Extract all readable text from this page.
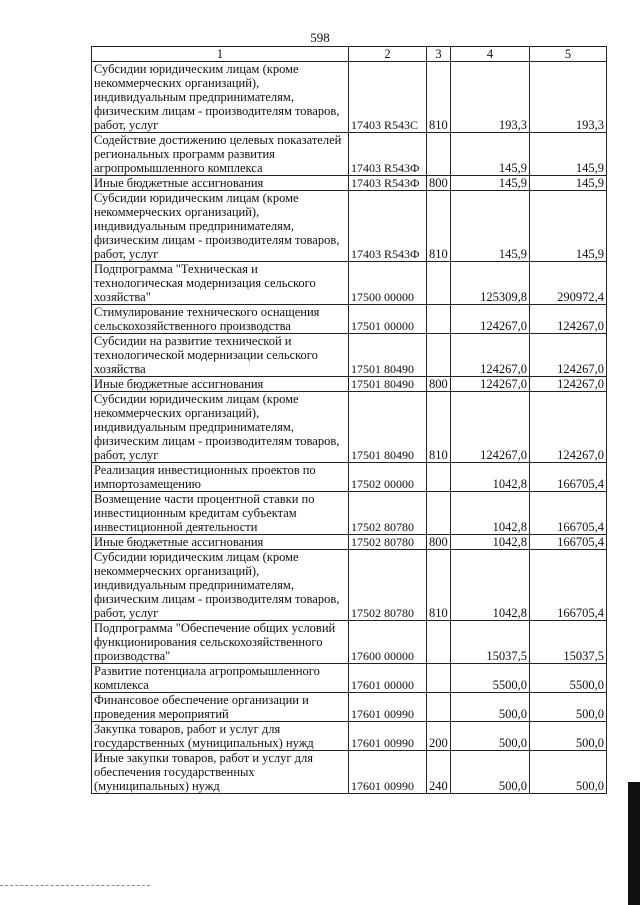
598
1	2	3	4	5
Субсидии юридическим лицам (кроме некоммерческих организаций), индивидуальным предпринимателям, физическим лицам - производителям товаров, работ, услуг	17403 R543C	810	193,3	193,3
Содействие достижению целевых показателей региональных программ развития агропромышленного комплекса	17403 R543Ф		145,9	145,9
Иные бюджетные ассигнования	17403 R543Ф	800	145,9	145,9
Субсидии юридическим лицам (кроме некоммерческих организаций), индивидуальным предпринимателям, физическим лицам - производителям товаров, работ, услуг	17403 R543Ф	810	145,9	145,9
Подпрограмма "Техническая и технологическая модернизация сельского хозяйства"	17500 00000		125309,8	290972,4
Стимулирование технического оснащения сельскохозяйственного производства	17501 00000		124267,0	124267,0
Субсидии на развитие технической и технологической модернизации сельского хозяйства	17501 80490		124267,0	124267,0
Иные бюджетные ассигнования	17501 80490	800	124267,0	124267,0
Субсидии юридическим лицам (кроме некоммерческих организаций), индивидуальным предпринимателям, физическим лицам - производителям товаров, работ, услуг	17501 80490	810	124267,0	124267,0
Реализация инвестиционных проектов по импортозамещению	17502 00000		1042,8	166705,4
Возмещение части процентной ставки по инвестиционным кредитам субъектам инвестиционной деятельности	17502 80780		1042,8	166705,4
Иные бюджетные ассигнования	17502 80780	800	1042,8	166705,4
Субсидии юридическим лицам (кроме некоммерческих организаций), индивидуальным предпринимателям, физическим лицам - производителям товаров, работ, услуг	17502 80780	810	1042,8	166705,4
Подпрограмма "Обеспечение общих условий функционирования сельскохозяйственного производства"	17600 00000		15037,5	15037,5
Развитие потенциала агропромышленного комплекса	17601 00000		5500,0	5500,0
Финансовое обеспечение организации и проведения мероприятий	17601 00990		500,0	500,0
Закупка товаров, работ и услуг для государственных (муниципальных) нужд	17601 00990	200	500,0	500,0
Иные закупки товаров, работ и услуг для обеспечения государственных (муниципальных) нужд	17601 00990	240	500,0	500,0
